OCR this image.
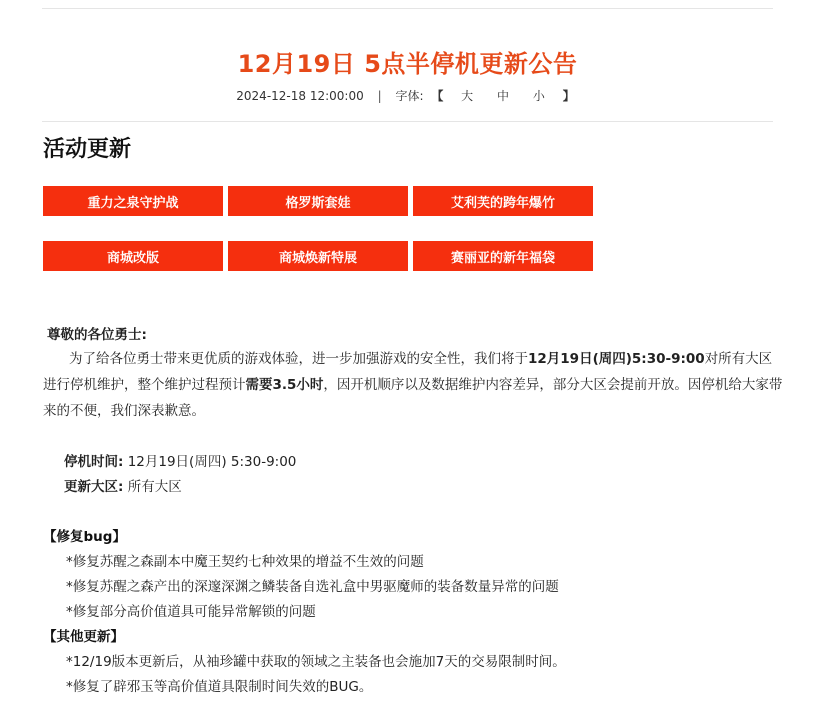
12月19日 5点半停机更新公告
2024-12-18 12:00:00 | 字体: 【 大 中 小 】
活动更新
重力之泉守护战	格罗斯套娃	艾利芙的跨年爆竹
商城改版	商城焕新特展	赛丽亚的新年福袋
尊敬的各位勇士:
为了给各位勇士带来更优质的游戏体验，进一步加强游戏的安全性，我们将于12月19日(周四)5:30-9:00对所有大区进行停机维护，整个维护过程预计需要3.5小时，因开机顺序以及数据维护内容差异，部分大区会提前开放。因停机给大家带来的不便，我们深表歉意。
停机时间: 12月19日(周四) 5:30-9:00
更新大区: 所有大区
【修复bug】
*修复苏醒之森副本中魔王契约七种效果的增益不生效的问题
*修复苏醒之森产出的深邃深渊之鳞装备自选礼盒中男驱魔师的装备数量异常的问题
*修复部分高价值道具可能异常解锁的问题
【其他更新】
*12/19版本更新后，从袖珍罐中获取的领域之主装备也会施加7天的交易限制时间。
*修复了辟邪玉等高价值道具限制时间失效的BUG。
